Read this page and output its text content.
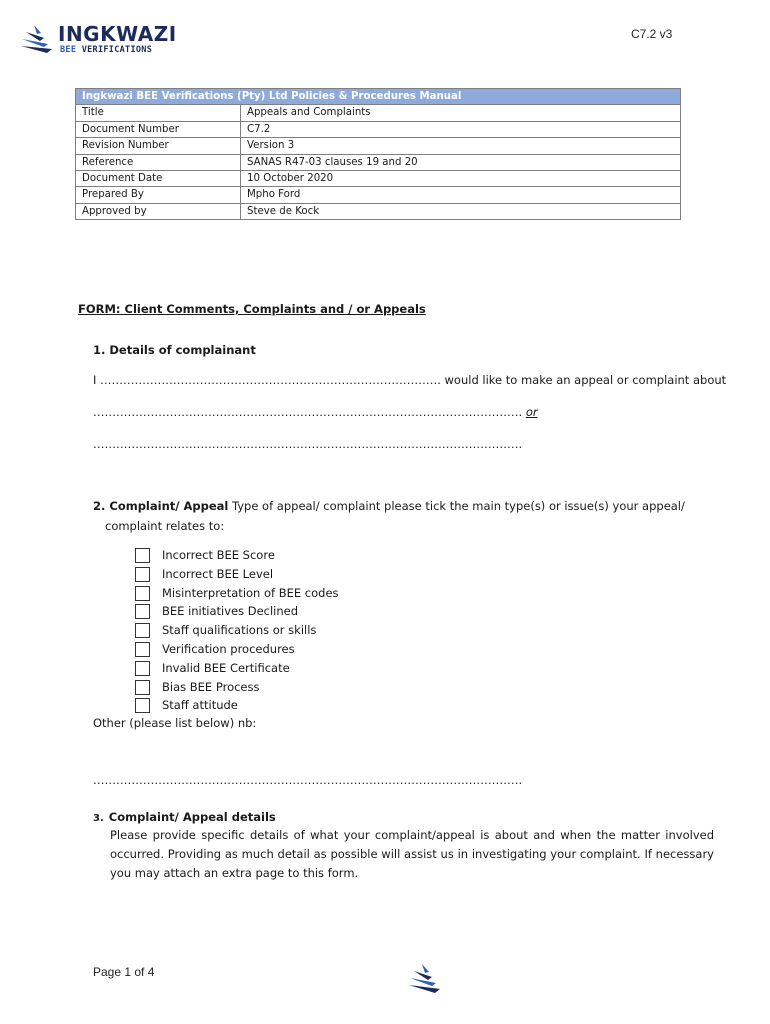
INGKWAZI
BEE VERIFICATIONS
C7.2 v3
Ingkwazi BEE Verifications (Pty) Ltd Policies & Procedures Manual	
Title	Appeals and Complaints
Document Number	C7.2
Revision Number	Version 3
Reference	SANAS R47-03 clauses 19 and 20
Document Date	10 October 2020
Prepared By	Mpho Ford
Approved by	Steve de Kock
FORM: Client Comments, Complaints and / or Appeals
1. Details of complainant
I …………………………………………………………………………….. would like to make an appeal or complaint about
…………………………………………………………………………………………………. or
………………………………………………………………………………………………….
2. Complaint/ Appeal Type of appeal/ complaint please tick the main type(s) or issue(s) your appeal/
complaint relates to:
Incorrect BEE Score
Incorrect BEE Level
Misinterpretation of BEE codes
BEE initiatives Declined
Staff qualifications or skills
Verification procedures
Invalid BEE Certificate
Bias BEE Process
Staff attitude
Other (please list below) nb:
………………………………………………………………………………………………….
3. Complaint/ Appeal details
Please provide specific details of what your complaint/appeal is about and when the matter involved occurred. Providing as much detail as possible will assist us in investigating your complaint. If necessary you may attach an extra page to this form.
Page 1 of 4
